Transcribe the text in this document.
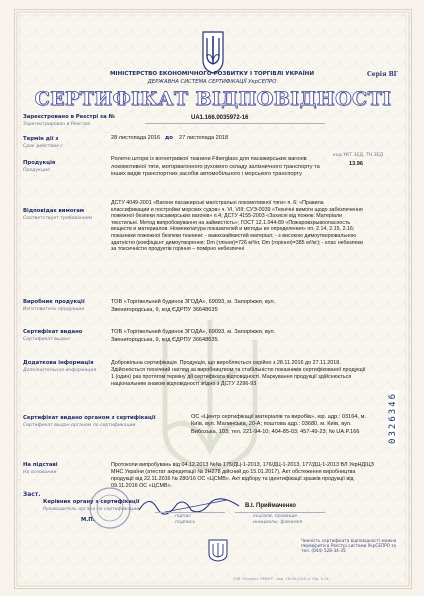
Серія ВГ
МІНІСТЕРСТВО ЕКОНОМІЧНОГО РОЗВИТКУ І ТОРГІВЛІ УКРАЇНИ
ДЕРЖАВНА СИСТЕМА СЕРТИФІКАЦІЇ УкрСЕПРО
СЕРТИФІКАТ ВІДПОВІДНОСТІ
Зареєстровано в Реєстрі за №
Зарегистрирован в Реестре
UA1.166.0035972-16
Термін дії з
Срок действия с
28 листопада 2016 до 27 листопада 2018
Продукція
Продукция
Ролетні штори із вогнетривкої тканини Fiberglass для пасажирських вагонів локомотивної тяги, моторвагонного рухомого складу залізничного транспорту та інших видів транспортних засобів автомобільного і морського транспорту
код УКТ ЗЕД, ТН ЗЕД
13.96
Відповідає вимогам
Соответствует требованиям
ДСТУ 4049-2001 «Вагони пасажирські магістральні локомотивної тяги» п. 6; «Правила классификации и постройки морских судов» ч. VI, VIII; СУЭ-0039 «Технічні вимоги щодо забезпечення пожежної безпеки пасажирських вагонів» п.4; ДСТУ 4155-2003 «Захисні від пожеж. Матеріали текстильні. Метод випробовування на займистість»; ГОСТ 12.1.044-89 «Пожаровзрывоопасность веществ и материалов. Номенклатура показателей и методы их определения» пп. 2.14, 2.15, 2.16; показники пожежної безпеки тканини: - важкозаймистий матеріал; - з високою димоутворювальною здатністю (коефіцієнт димоутворення: Dm (тління)=726 м²/кг, Dm (горіння)=385 м²/кг); - клас небезпеки за токсичністю продуктів горіння – помірно небезпечні
Виробник продукції
Изготовитель продукции
ТОВ «Торгівельний будинок ЗГОДА», 69093, м. Запоріжжя, вул. Звенигородська, 9, код ЄДРПУ 36648635
Сертифікат видано
Сертификат выдан
ТОВ «Торгівельний будинок ЗГОДА», 69093, м. Запоріжжя, вул. Звенигородська, 9, код ЄДРПУ 36648635
Додаткова інформація
Дополнительная информация
Добровільна сертифікація. Продукція, що виробляється серійно з 28.11.2016 до 27.11.2018. Здійснюється технічний нагляд за виробництвом та стабільністю показників сертифікованої продукції 1 (один) раз протягом терміну дії сертифіката відповідності. Маркування продукції здійснюється національним знаком відповідності згідно з ДСТУ 2296-93
Сертифікат видано органом з сертифікації
Сертификат выдан органом по сертификации
ОС «Центр сертифікації матеріалів та виробів», юр. адр.: 03164, м. Київ, вул. Малинська, 20-А; поштова адр.: 03680, м. Київ, вул. Вибоzька, 103; тел. 221-94-10; 404-85-03; 457-49-23; № UA.P.166
На підставі
На основании
Протоколи випробувань від 04.12.2013 №№ 175/ДЦ-1-2013, 176/ДЦ-1-2013, 177/ДЦ-1-2013 ВЛ УкрНДІЦЗ МНС України (атестат акредитації № 2Н278 дійсний до 15.01.2017). Акт обстеження виробництва продукції від 22.11.2016 № 280/16 ОС «ЦСМВ». Акт відбору та ідентифікації зразків продукції від 09.11.2016 ОС «ЦСМВ».
0326346
Заст.
Керівник органу з сертифікації
Руководитель органа по сертификации
М.П.
В.І. Приймаченко
підпис
подпись
ініціали, прізвище
инициалы, фамилия
Чинність сертифіката відповідності можна перевірити в Реєстрі системи УкрСЕПРО за тел. (044) 528-34-35
ТОВ "Експерт-ПРИНТ", зам. 16-06-2016 р. Ліц. 4-14
